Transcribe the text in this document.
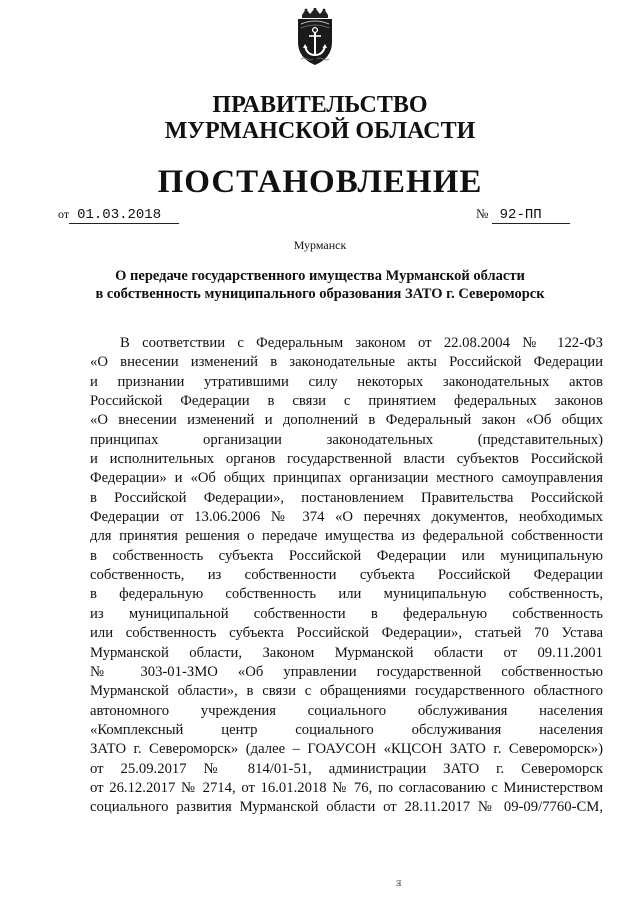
ПРАВИТЕЛЬСТВО
МУРМАНСКОЙ ОБЛАСТИ
ПОСТАНОВЛЕНИЕ
от 01.03.2018	№ 92-ПП
Мурманск
О передаче государственного имущества Мурманской области
в собственность муниципального образования ЗАТО г. Североморск
В соответствии с Федеральным законом от 22.08.2004 № 122-ФЗ
«О внесении изменений в законодательные акты Российской Федерации
и признании утратившими силу некоторых законодательных актов
Российской Федерации в связи с принятием федеральных законов
«О внесении изменений и дополнений в Федеральный закон «Об общих
принципах организации законодательных (представительных)
и исполнительных органов государственной власти субъектов Российской
Федерации» и «Об общих принципах организации местного самоуправления
в Российской Федерации», постановлением Правительства Российской
Федерации от 13.06.2006 № 374 «О перечнях документов, необходимых
для принятия решения о передаче имущества из федеральной собственности
в собственность субъекта Российской Федерации или муниципальную
собственность, из собственности субъекта Российской Федерации
в федеральную собственность или муниципальную собственность,
из муниципальной собственности в федеральную собственность
или собственность субъекта Российской Федерации», статьей 70 Устава
Мурманской области, Законом Мурманской области от 09.11.2001
№ 303-01-ЗМО «Об управлении государственной собственностью
Мурманской области», в связи с обращениями государственного областного
автономного учреждения социального обслуживания населения
«Комплексный центр социального обслуживания населения
ЗАТО г. Североморск» (далее – ГОАУСОН «КЦСОН ЗАТО г. Североморск»)
от 25.09.2017 № 814/01-51, администрации ЗАТО г. Североморск
от 26.12.2017 № 2714, от 16.01.2018 № 76, по согласованию с Министерством
социального развития Мурманской области от 28.11.2017 № 09-09/7760-СМ,
ⱻ
